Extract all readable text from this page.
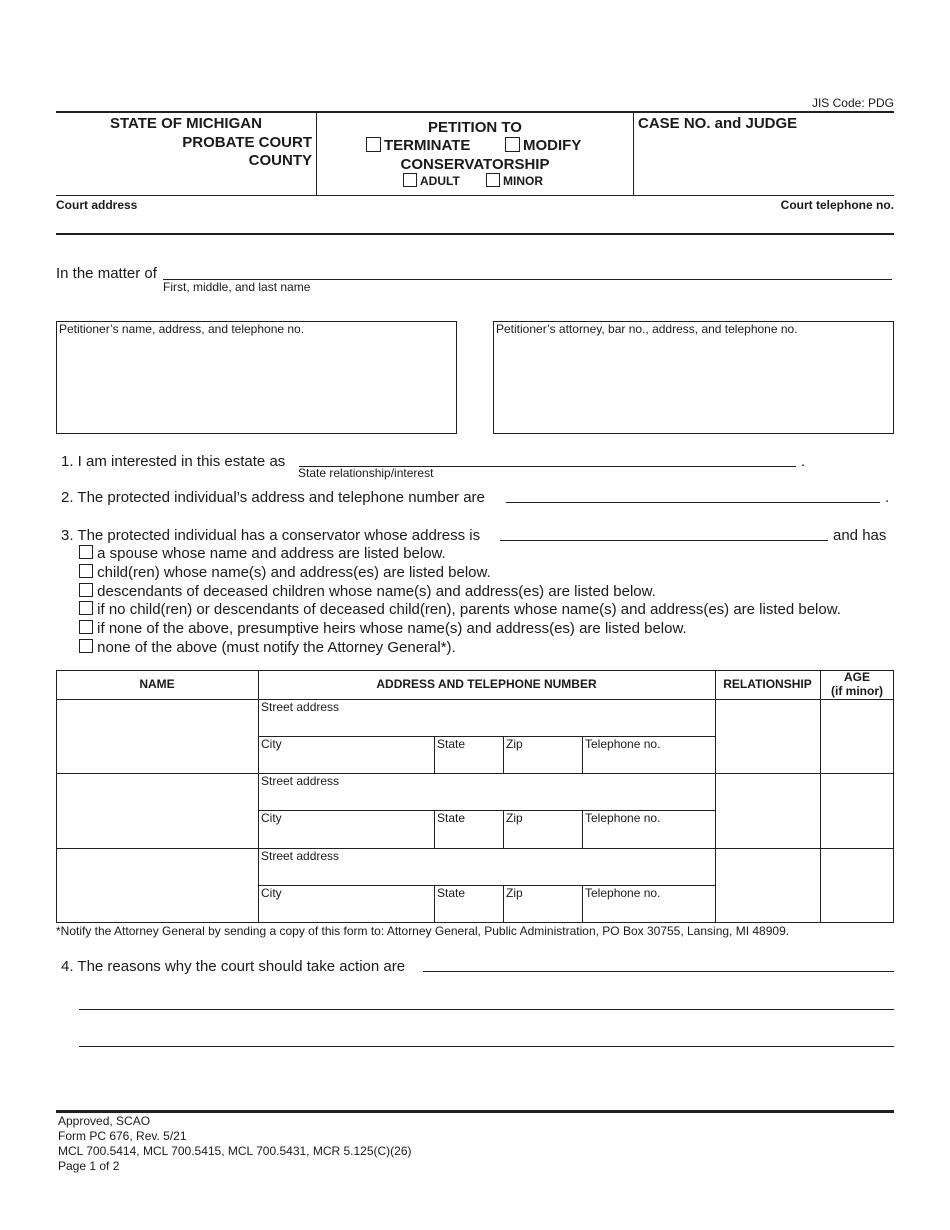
JIS Code: PDG
STATE OF MICHIGAN
PROBATE COURT
COUNTY
PETITION TO
TERMINATE	MODIFY
CONSERVATORSHIP
ADULT	MINOR
CASE NO. and JUDGE
Court address	Court telephone no.
In the matter of
First, middle, and last name
Petitioner’s name, address, and telephone no.	Petitioner’s attorney, bar no., address, and telephone no.
1. I am interested in this estate as	.
State relationship/interest
2. The protected individual’s address and telephone number are	.
3. The protected individual has a conservator whose address is	and has
a spouse whose name and address are listed below.
child(ren) whose name(s) and address(es) are listed below.
descendants of deceased children whose name(s) and address(es) are listed below.
if no child(ren) or descendants of deceased child(ren), parents whose name(s) and address(es) are listed below.
if none of the above, presumptive heirs whose name(s) and address(es) are listed below.
none of the above (must notify the Attorney General*).
NAME	ADDRESS AND TELEPHONE NUMBER	RELATIONSHIP	AGE
(if minor)
Street address
City	State	Zip	Telephone no.
Street address
City	State	Zip	Telephone no.
Street address
City	State	Zip	Telephone no.
*Notify the Attorney General by sending a copy of this form to: Attorney General, Public Administration, PO Box 30755, Lansing, MI 48909.
4. The reasons why the court should take action are
Approved, SCAO
Form PC 676, Rev. 5/21
MCL 700.5414, MCL 700.5415, MCL 700.5431, MCR 5.125(C)(26)
Page 1 of 2
